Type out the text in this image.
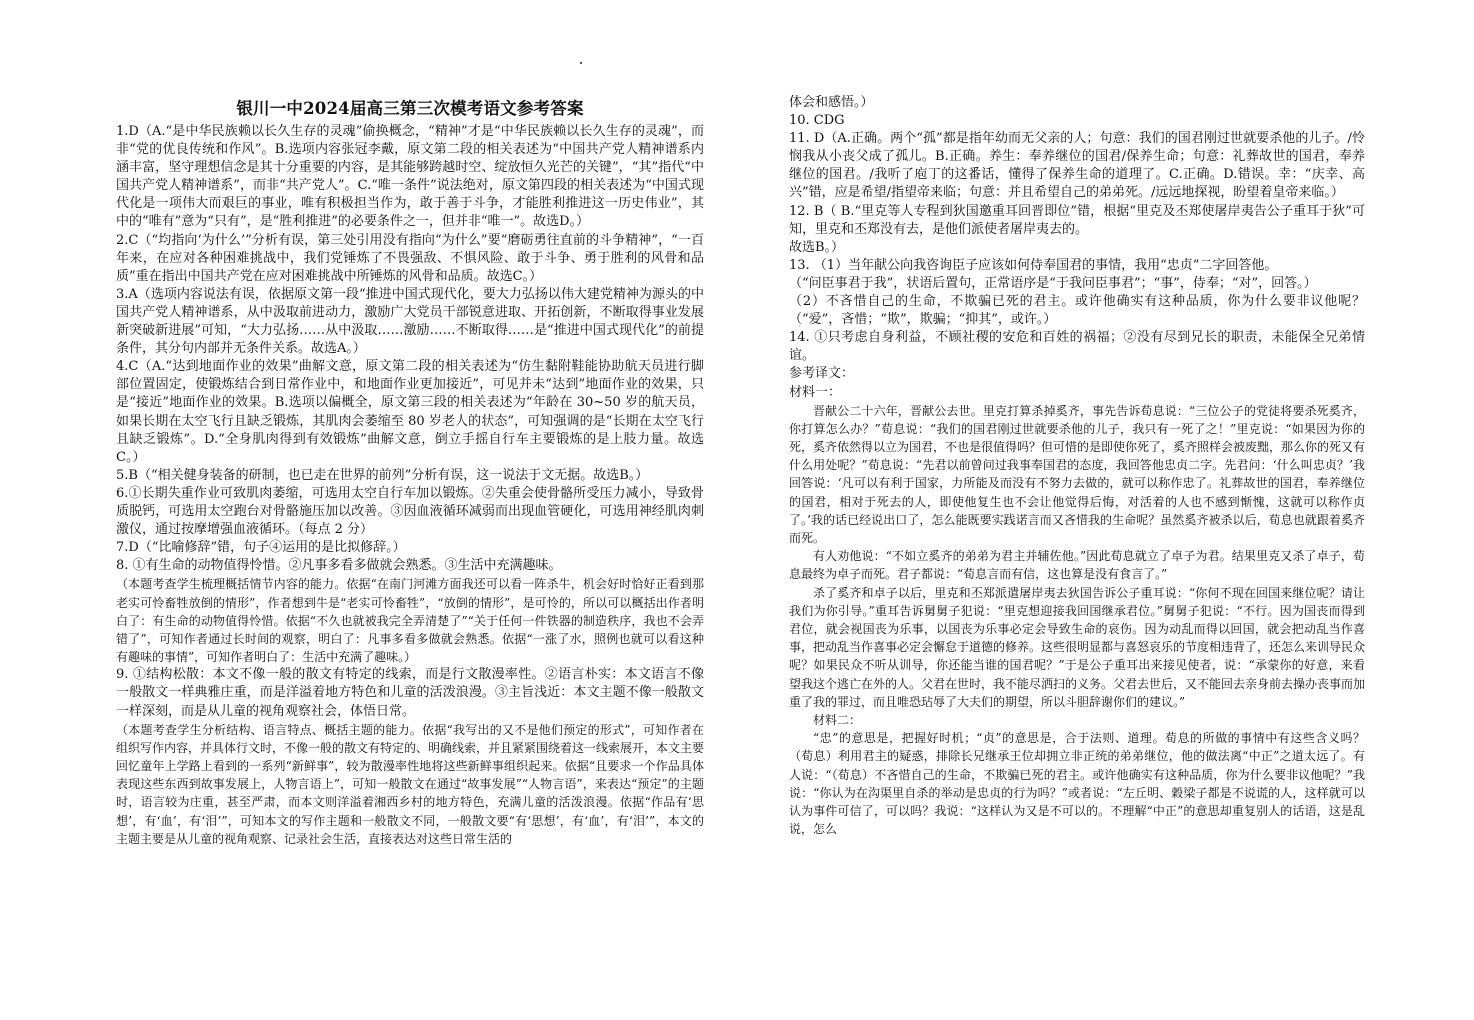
银川一中2024届高三第三次模考语文参考答案

1.D（A.“是中华民族赖以长久生存的灵魂”偷换概念，“精神”才是“中华民族赖以长久生存的灵魂”，而非“党的优良传统和作风”。B.选项内容张冠李戴，原文第二段的相关表述为“中国共产党人精神谱系内涵丰富，坚守理想信念是其十分重要的内容，是其能够跨越时空、绽放恒久光芒的关键”，“其”指代“中国共产党人精神谱系”，而非“共产党人”。C.“唯一条件”说法绝对，原文第四段的相关表述为“中国式现代化是一项伟大而艰巨的事业，唯有积极担当作为，敢于善于斗争，才能胜利推进这一历史伟业”，其中的“唯有”意为“只有”，是“胜利推进”的必要条件之一，但并非“唯一”。故选D。）

2.C（“均指向‘为什么’”分析有误，第三处引用没有指向“为什么”要“磨砺勇往直前的斗争精神”，“一百年来，在应对各种困难挑战中，我们党锤炼了不畏强敌、不惧风险、敢于斗争、勇于胜利的风骨和品质”重在指出中国共产党在应对困难挑战中所锤炼的风骨和品质。故选C。）

3.A（选项内容说法有误，依据原文第一段“推进中国式现代化，要大力弘扬以伟大建党精神为源头的中国共产党人精神谱系，从中汲取前进动力，激励广大党员干部锐意进取、开拓创新，不断取得事业发展新突破新进展”可知，“大力弘扬……从中汲取……激励……不断取得……是“推进中国式现代化”的前提条件，其分句内部并无条件关系。故选A。）

4.C（A.“达到地面作业的效果”曲解文意，原文第二段的相关表述为“仿生黏附鞋能协助航天员进行脚部位置固定，使锻炼结合到日常作业中，和地面作业更加接近”，可见并未“达到”地面作业的效果，只是“接近”地面作业的效果。B.选项以偏概全，原文第三段的相关表述为“年龄在 30~50 岁的航天员，如果长期在太空飞行且缺乏锻炼，其肌肉会萎缩至 80 岁老人的状态”，可知强调的是“长期在太空飞行且缺乏锻炼”。D.“全身肌肉得到有效锻炼”曲解文意，倒立手摇自行车主要锻炼的是上肢力量。故选C。）

5.B（“相关健身装备的研制，也已走在世界的前列”分析有误，这一说法于文无据。故选B。）

6.①长期失重作业可致肌肉萎缩，可选用太空自行车加以锻炼。②失重会使骨骼所受压力减小，导致骨质脱钙，可选用太空跑台对骨骼施压加以改善。③因血液循环减弱而出现血管硬化，可选用神经肌肉刺激仪，通过按摩增强血液循环。（每点 2 分）

7.D（“比喻修辞”错，句子④运用的是比拟修辞。）

8. ①有生命的动物值得怜惜。②凡事多看多做就会熟悉。③生活中充满趣味。

（本题考查学生梳理概括情节内容的能力。依据“在南门河滩方面我还可以看一阵杀牛，机会好时恰好正看到那老实可怜畜牲放倒的情形”，作者想到牛是“老实可怜畜牲”，“放倒的情形”，是可怜的，所以可以概括出作者明白了：有生命的动物值得怜惜。依据“不久也就被我完全弄清楚了”“关于任何一件铁器的制造秩序，我也不会弄错了”，可知作者通过长时间的观察，明白了：凡事多看多做就会熟悉。依据“一涨了水，照例也就可以看这种有趣味的事情”，可知作者明白了：生活中充满了趣味。）

9. ①结构松散：本文不像一般的散文有特定的线索，而是行文散漫率性。②语言朴实：本文语言不像一般散文一样典雅庄重，而是洋溢着地方特色和儿童的活泼浪漫。③主旨浅近：本文主题不像一般散文一样深刻，而是从儿童的视角观察社会，体悟日常。

（本题考查学生分析结构、语言特点、概括主题的能力。依据“我写出的又不是他们预定的形式”，可知作者在组织写作内容，并具体行文时，不像一般的散文有特定的、明确线索，并且紧紧围绕着这一线索展开，本文主要回忆童年上学路上看到的一系列“新鲜事”，较为散漫率性地将这些新鲜事组织起来。依据“且要求一个作品具体表现这些东西到故事发展上，人物言语上”，可知一般散文在通过“故事发展”“人物言语”，来表达“预定”的主题时，语言较为庄重，甚至严肃，而本文则洋溢着湘西乡村的地方特色，充满儿童的活泼浪漫。依据“作品有‘思想’，有‘血’，有‘泪’”，可知本文的写作主题和一般散文不同，一般散文要“有‘思想’，有‘血’，有‘泪’”，本文的主题主要是从儿童的视角观察、记录社会生活，直接表达对这些日常生活的

体会和感悟。）

10. CDG

11. D（A.正确。两个“孤”都是指年幼而无父亲的人；句意：我们的国君刚过世就要杀他的儿子。/怜悯我从小丧父成了孤儿。B.正确。养生：奉养继位的国君/保养生命；句意：礼葬故世的国君，奉养继位的国君。/我听了庖丁的这番话，懂得了保养生命的道理了。C.正确。D.错误。幸：“庆幸、高兴”错，应是希望/指望帝来临；句意：并且希望自己的弟弟死。/远远地探视，盼望着皇帝来临。）

12. B（ B.“里克等人专程到狄国邀重耳回晋即位”错，根据“里克及丕郑使屠岸夷告公子重耳于狄”可知，里克和丕郑没有去，是他们派使者屠岸夷去的。

故选B。）

13. （1）当年献公向我咨询臣子应该如何侍奉国君的事情，我用“忠贞”二字回答他。

（“问臣事君于我”，状语后置句，正常语序是“于我问臣事君”；“事”，侍奉；“对”，回答。）

（2）不吝惜自己的生命，不欺骗已死的君主。或许他确实有这种品质，你为什么要非议他呢？（“爱”，吝惜；“欺”，欺骗；“抑其”，或许。）

14. ①只考虑自身利益，不顾社稷的安危和百姓的祸福；②没有尽到兄长的职责，未能保全兄弟情谊。

参考译文：

材料一：

晋献公二十六年，晋献公去世。里克打算杀掉奚齐，事先告诉荀息说：“三位公子的党徒将要杀死奚齐，你打算怎么办？”荀息说：“我们的国君刚过世就要杀他的儿子，我只有一死了之！”里克说：“如果因为你的死，奚齐依然得以立为国君，不也是很值得吗？但可惜的是即使你死了，奚齐照样会被废黜，那么你的死又有什么用处呢？”荀息说：“先君以前曾问过我事奉国君的态度，我回答他忠贞二字。先君问：‘什么叫忠贞？’我回答说：‘凡可以有利于国家，力所能及而没有不努力去做的，就可以称作忠了。礼葬故世的国君，奉养继位的国君，相对于死去的人，即使他复生也不会让他觉得后悔，对活着的人也不感到惭愧，这就可以称作贞了。’我的话已经说出口了，怎么能既要实践诺言而又吝惜我的生命呢？虽然奚齐被杀以后，荀息也就跟着奚齐而死。

有人劝他说：“不如立奚齐的弟弟为君主并辅佐他。”因此荀息就立了卓子为君。结果里克又杀了卓子，荀息最终为卓子而死。君子都说：“荀息言而有信，这也算是没有食言了。”

杀了奚齐和卓子以后，里克和丕郑派遣屠岸夷去狄国告诉公子重耳说：“你何不现在回国来继位呢？请让我们为你引导。”重耳告诉舅舅子犯说：“里克想迎接我回国继承君位。”舅舅子犯说：“不行。因为国丧而得到君位，就会视国丧为乐事，以国丧为乐事必定会导致生命的哀伤。因为动乱而得以回国，就会把动乱当作喜事，把动乱当作喜事必定会懈怠于道德的修养。这些很明显都与喜怒哀乐的节度相违背了，还怎么来训导民众呢？如果民众不听从训导，你还能当谁的国君呢？”于是公子重耳出来接见使者，说：“承蒙你的好意，来看望我这个逃亡在外的人。父君在世时，我不能尽洒扫的义务。父君去世后，又不能回去亲身前去操办丧事而加重了我的罪过，而且唯恐玷辱了大夫们的期望，所以斗胆辞谢你们的建议。”

材料二：

“忠”的意思是，把握好时机；“贞”的意思是，合于法则、道理。荀息的所做的事情中有这些含义吗？（荀息）利用君主的疑惑，排除长兄继承王位却拥立非正统的弟弟继位，他的做法离“中正”之道太远了。有人说：“（荀息）不吝惜自己的生命，不欺骗已死的君主。或许他确实有这种品质，你为什么要非议他呢？”我说：“你认为在沟渠里自杀的举动是忠贞的行为吗？”或者说：“左丘明、穀梁子都是不说谎的人，这样就可以认为事件可信了，可以吗？我说：“这样认为又是不可以的。不理解“中正”的意思却重复别人的话语，这是乱说，怎么
